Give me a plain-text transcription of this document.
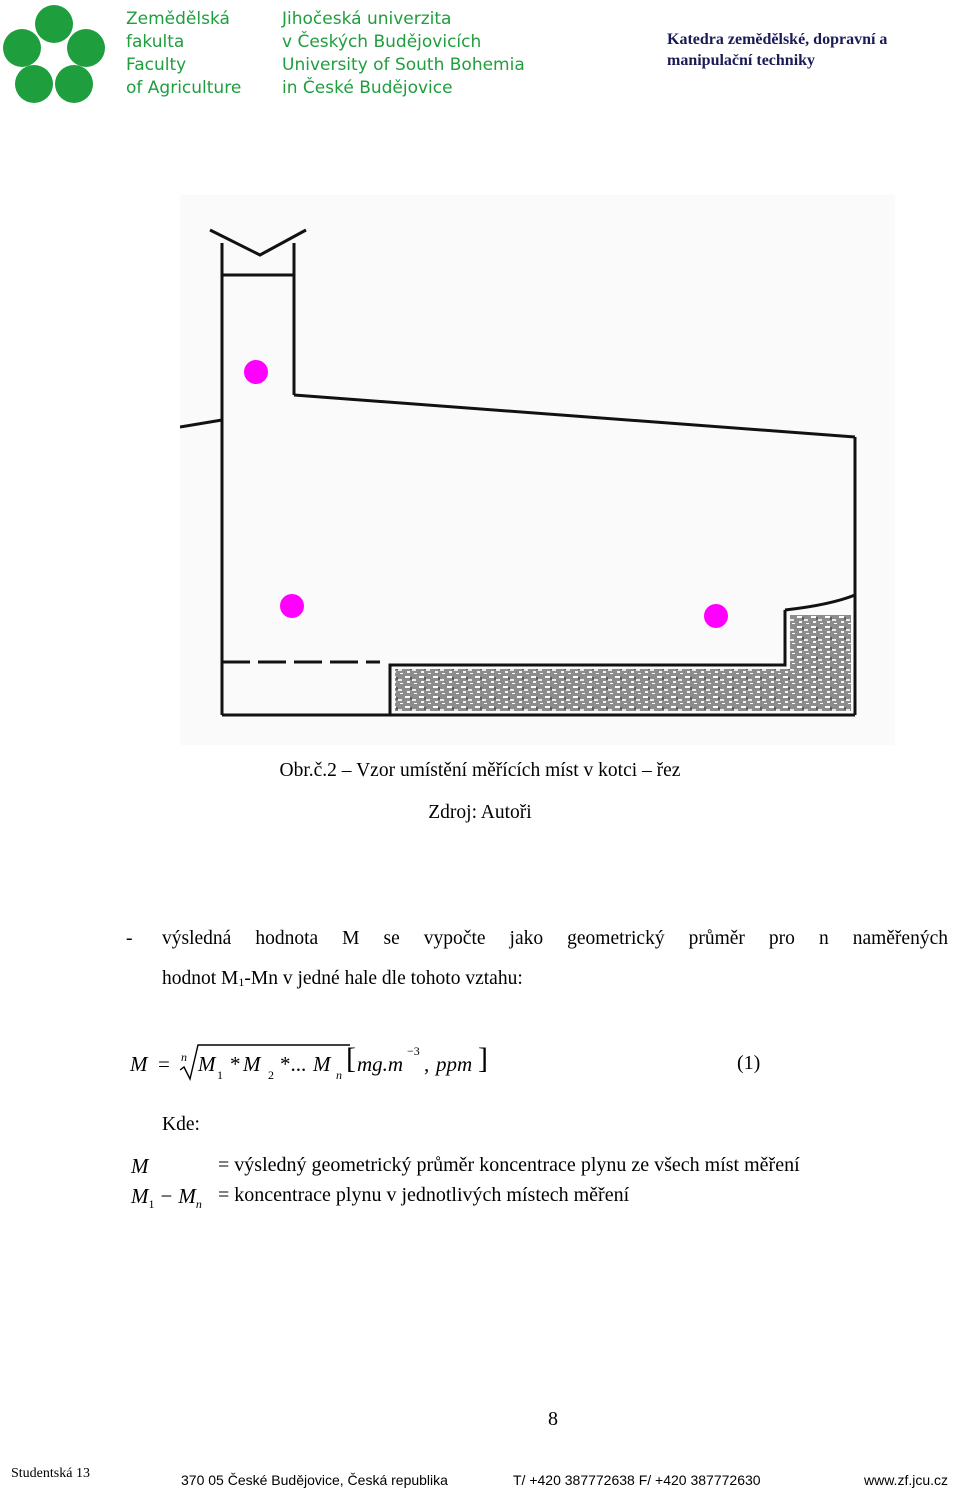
Zemědělská
fakulta
Faculty
of Agriculture
Jihočeská univerzita
v Českých Budějovicích
University of South Bohemia
in České Budějovice
Katedra zemědělské, dopravní a
manipulační techniky
Obr.č.2 – Vzor umístění měřících míst v kotci – řez
Zdroj: Autoři
- výsledná hodnota M se vypočte jako geometrický průměr pro n naměřených
hodnot $M_1-Mn$ v jedné hale dle tohoto vztahu:
M = n M 1 * M 2 *... M n [ mg.m
−3
, ppm ]	(1)
Kde:
M	= výsledný geometrický průměr koncentrace plynu ze všech míst měření
$M_1 - M_n$ = koncentrace plynu v jednotlivých místech měření
8
Studentská 13	370 05 České Budějovice, Česká republika	T/ +420 387772638 F/ +420 387772630	www.zf.jcu.cz
